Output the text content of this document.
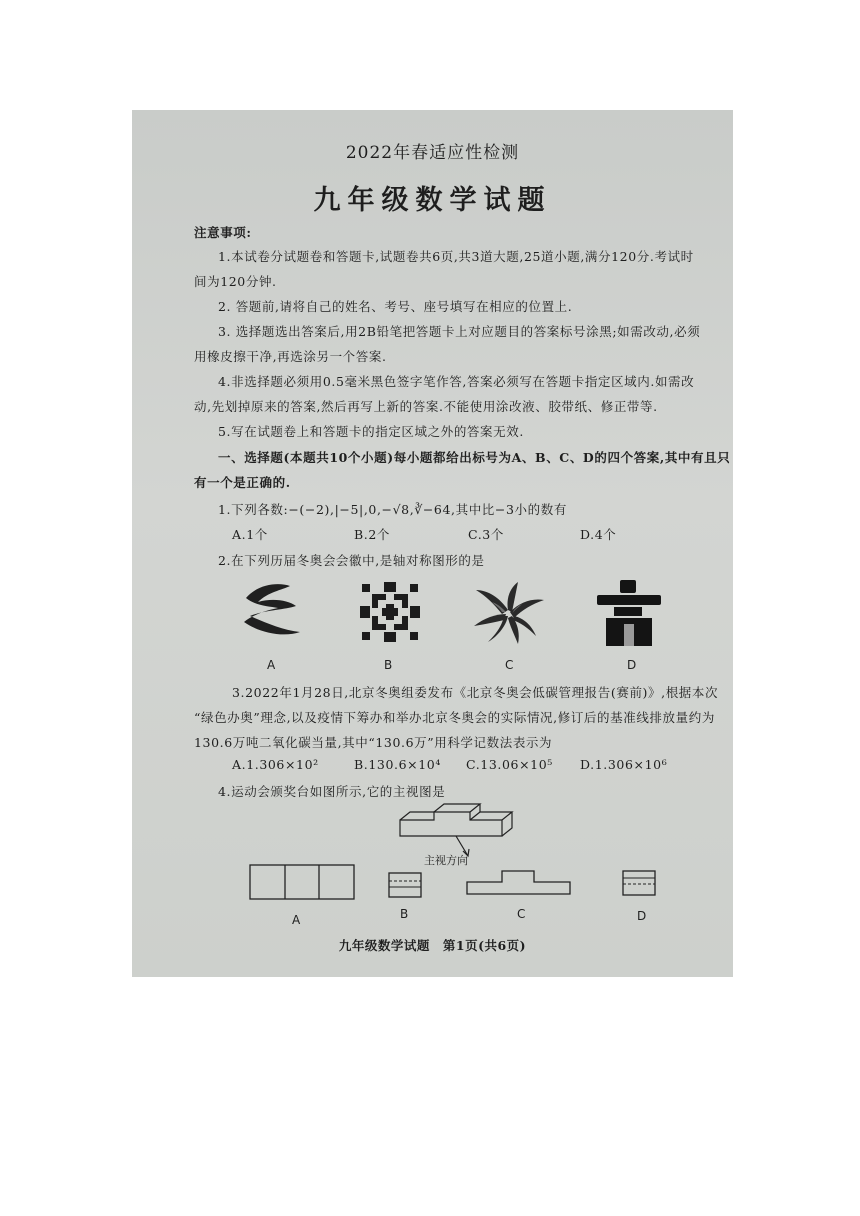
2022年春适应性检测
九年级数学试题
注意事项:
1.本试卷分试题卷和答题卡,试题卷共6页,共3道大题,25道小题,满分120分.考试时
间为120分钟.
2. 答题前,请将自己的姓名、考号、座号填写在相应的位置上.
3. 选择题选出答案后,用2B铅笔把答题卡上对应题目的答案标号涂黑;如需改动,必须
用橡皮擦干净,再选涂另一个答案.
4.非选择题必须用0.5毫米黑色签字笔作答,答案必须写在答题卡指定区域内.如需改
动,先划掉原来的答案,然后再写上新的答案.不能使用涂改液、胶带纸、修正带等.
5.写在试题卷上和答题卡的指定区域之外的答案无效.
一、选择题(本题共10个小题)每小题都给出标号为A、B、C、D的四个答案,其中有且只
有一个是正确的.
1.下列各数:−(−2),|−5|,0,−√8,∛−64,其中比−3小的数有
A.1个	B.2个	C.3个	D.4个
2.在下列历届冬奥会会徽中,是轴对称图形的是
A	B	C	D
3.2022年1月28日,北京冬奥组委发布《北京冬奥会低碳管理报告(赛前)》,根据本次
“绿色办奥”理念,以及疫情下筹办和举办北京冬奥会的实际情况,修订后的基准线排放量约为
130.6万吨二氧化碳当量,其中“130.6万”用科学记数法表示为
A.1.306×10²	B.130.6×10⁴ C.13.06×10⁵ D.1.306×10⁶
4.运动会颁奖台如图所示,它的主视图是
主视方向
A	B	C	D
九年级数学试题　第1页(共6页)
